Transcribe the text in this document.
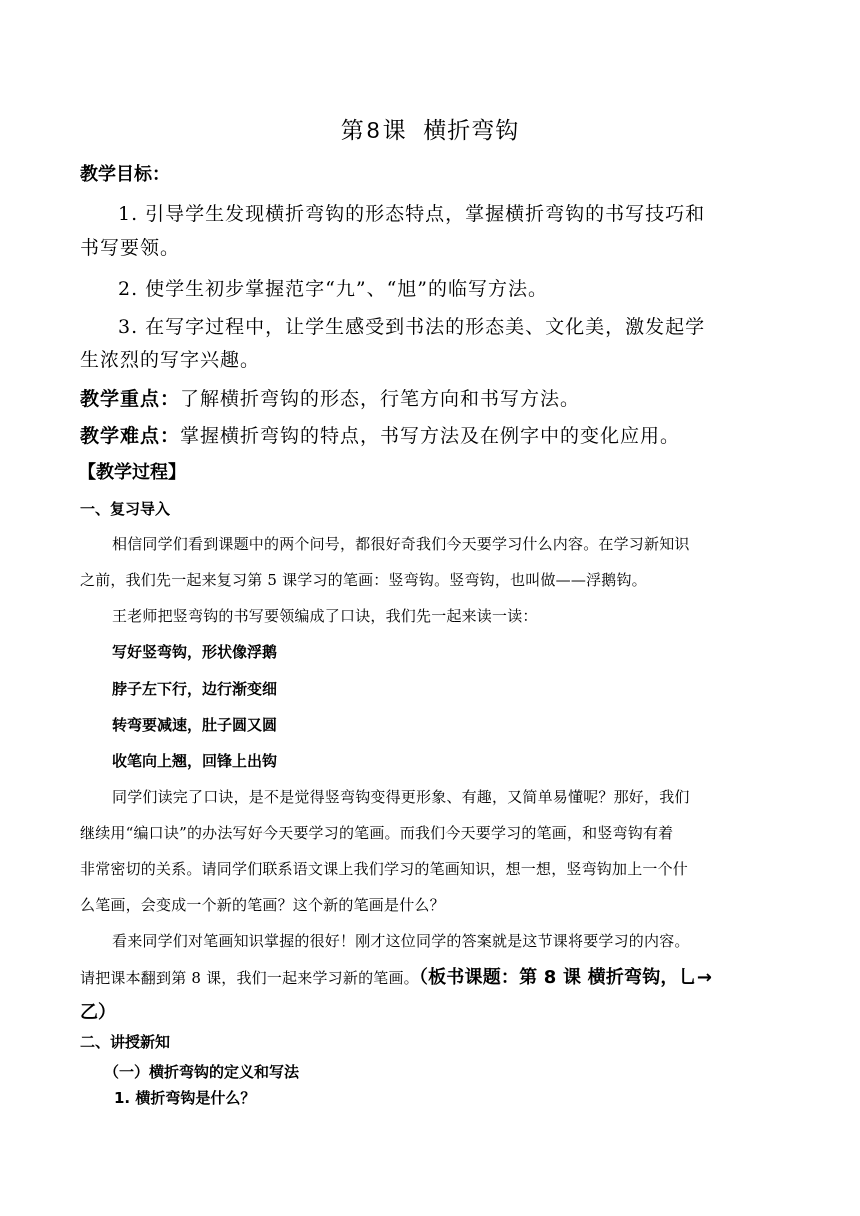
第8课  横折弯钩
教学目标：
1. 引导学生发现横折弯钩的形态特点，掌握横折弯钩的书写技巧和
书写要领。
2. 使学生初步掌握范字“九”、“旭”的临写方法。
3. 在写字过程中，让学生感受到书法的形态美、文化美，激发起学
生浓烈的写字兴趣。
教学重点：了解横折弯钩的形态，行笔方向和书写方法。
教学难点：掌握横折弯钩的特点，书写方法及在例字中的变化应用。
【教学过程】
一、复习导入
相信同学们看到课题中的两个问号，都很好奇我们今天要学习什么内容。在学习新知识
之前，我们先一起来复习第 5 课学习的笔画：竖弯钩。竖弯钩，也叫做——浮鹅钩。
王老师把竖弯钩的书写要领编成了口诀，我们先一起来读一读：
写好竖弯钩，形状像浮鹅
脖子左下行，边行渐变细
转弯要减速，肚子圆又圆
收笔向上翘，回锋上出钩
同学们读完了口诀，是不是觉得竖弯钩变得更形象、有趣，又简单易懂呢？那好，我们
继续用“编口诀”的办法写好今天要学习的笔画。而我们今天要学习的笔画，和竖弯钩有着
非常密切的关系。请同学们联系语文课上我们学习的笔画知识，想一想，竖弯钩加上一个什
么笔画，会变成一个新的笔画？这个新的笔画是什么？
看来同学们对笔画知识掌握的很好！刚才这位同学的答案就是这节课将要学习的内容。
请把课本翻到第 8 课，我们一起来学习新的笔画。（板书课题：第 8 课 横折弯钩，乚→
乙）
二、讲授新知
（一）横折弯钩的定义和写法
1. 横折弯钩是什么？
